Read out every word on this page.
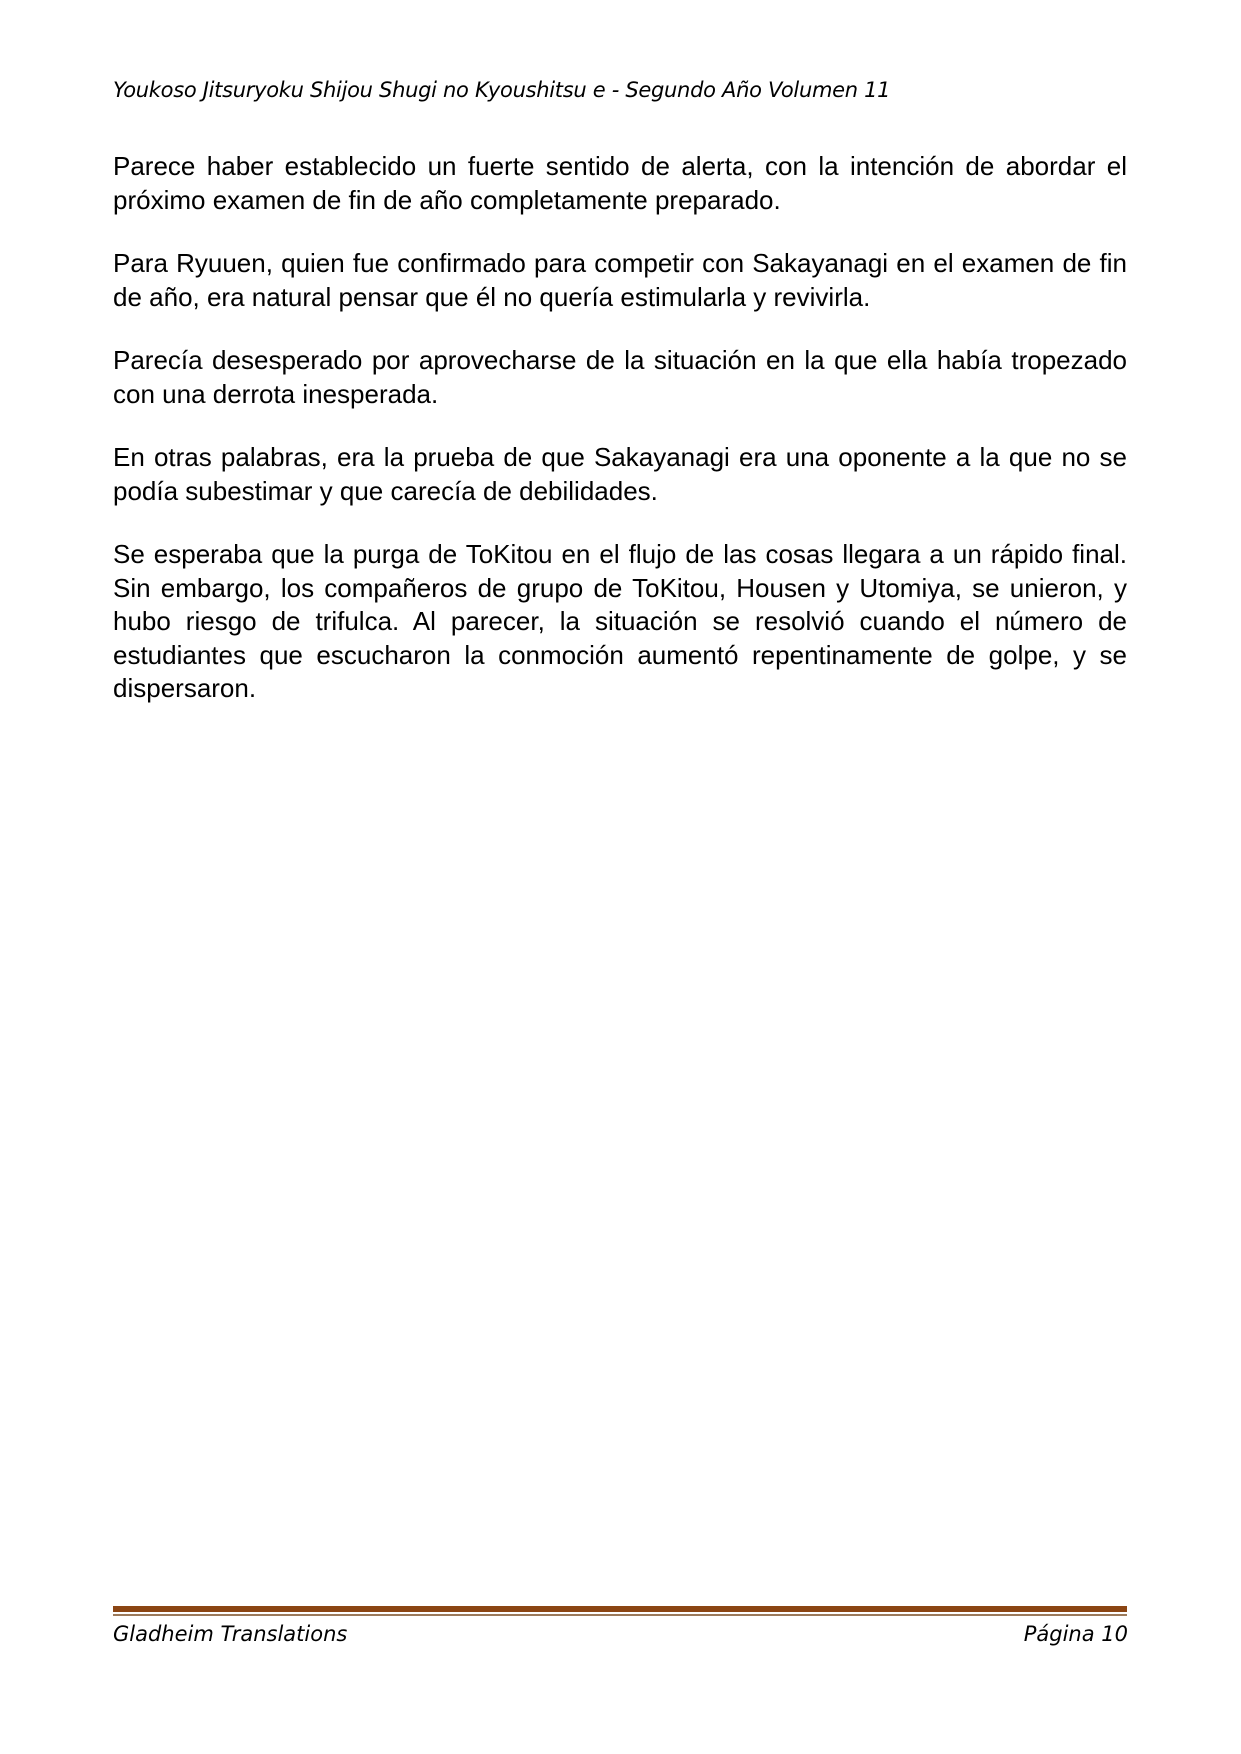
Youkoso Jitsuryoku Shijou Shugi no Kyoushitsu e - Segundo Año Volumen 11

Parece haber establecido un fuerte sentido de alerta, con la intención de abordar el próximo examen de fin de año completamente preparado.

Para Ryuuen, quien fue confirmado para competir con Sakayanagi en el examen de fin de año, era natural pensar que él no quería estimularla y revivirla.

Parecía desesperado por aprovecharse de la situación en la que ella había tropezado con una derrota inesperada.

En otras palabras, era la prueba de que Sakayanagi era una oponente a la que no se podía subestimar y que carecía de debilidades.

Se esperaba que la purga de ToKitou en el flujo de las cosas llegara a un rápido final. Sin embargo, los compañeros de grupo de ToKitou, Housen y Utomiya, se unieron, y hubo riesgo de trifulca. Al parecer, la situación se resolvió cuando el número de estudiantes que escucharon la conmoción aumentó repentinamente de golpe, y se dispersaron.

Gladheim Translations	Página 10
